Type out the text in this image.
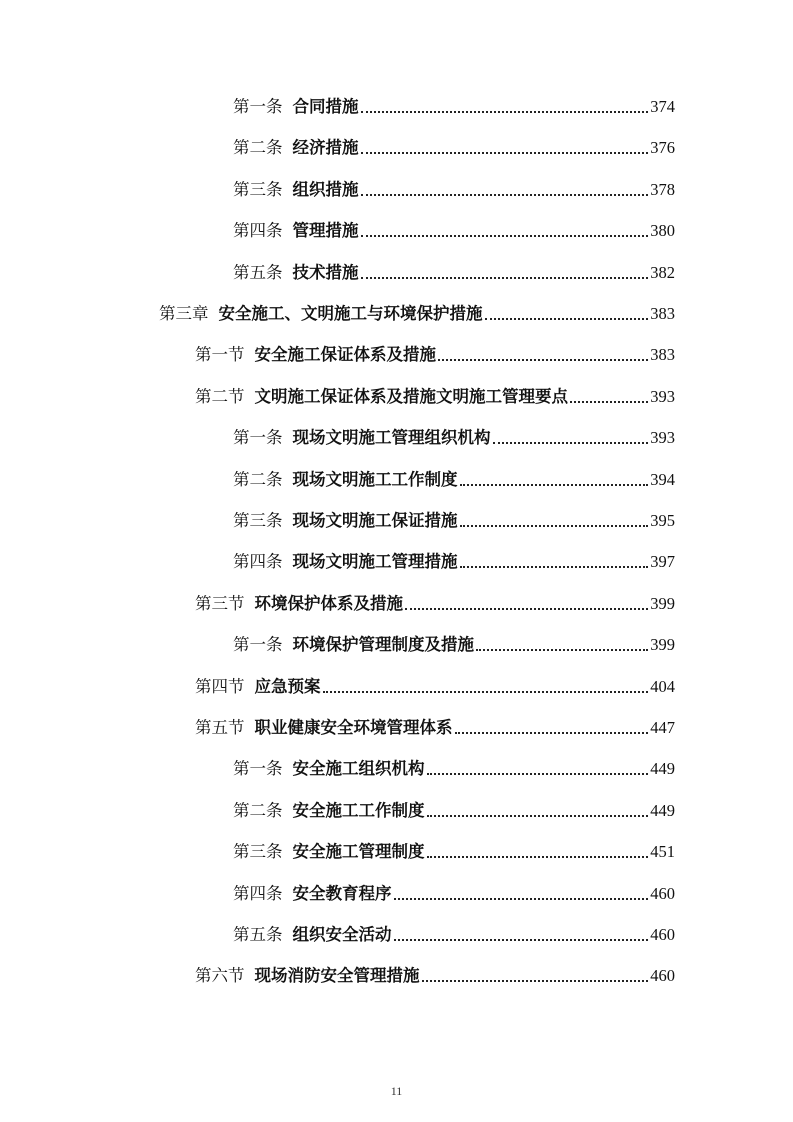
第一条 合同措施	374
第二条 经济措施	376
第三条 组织措施	378
第四条 管理措施	380
第五条 技术措施	382
第三章 安全施工、文明施工与环境保护措施	383
第一节 安全施工保证体系及措施	383
第二节 文明施工保证体系及措施文明施工管理要点	393
第一条 现场文明施工管理组织机构	393
第二条 现场文明施工工作制度	394
第三条 现场文明施工保证措施	395
第四条 现场文明施工管理措施	397
第三节 环境保护体系及措施	399
第一条 环境保护管理制度及措施	399
第四节 应急预案	404
第五节 职业健康安全环境管理体系	447
第一条 安全施工组织机构	449
第二条 安全施工工作制度	449
第三条 安全施工管理制度	451
第四条 安全教育程序	460
第五条 组织安全活动	460
第六节 现场消防安全管理措施	460
11
